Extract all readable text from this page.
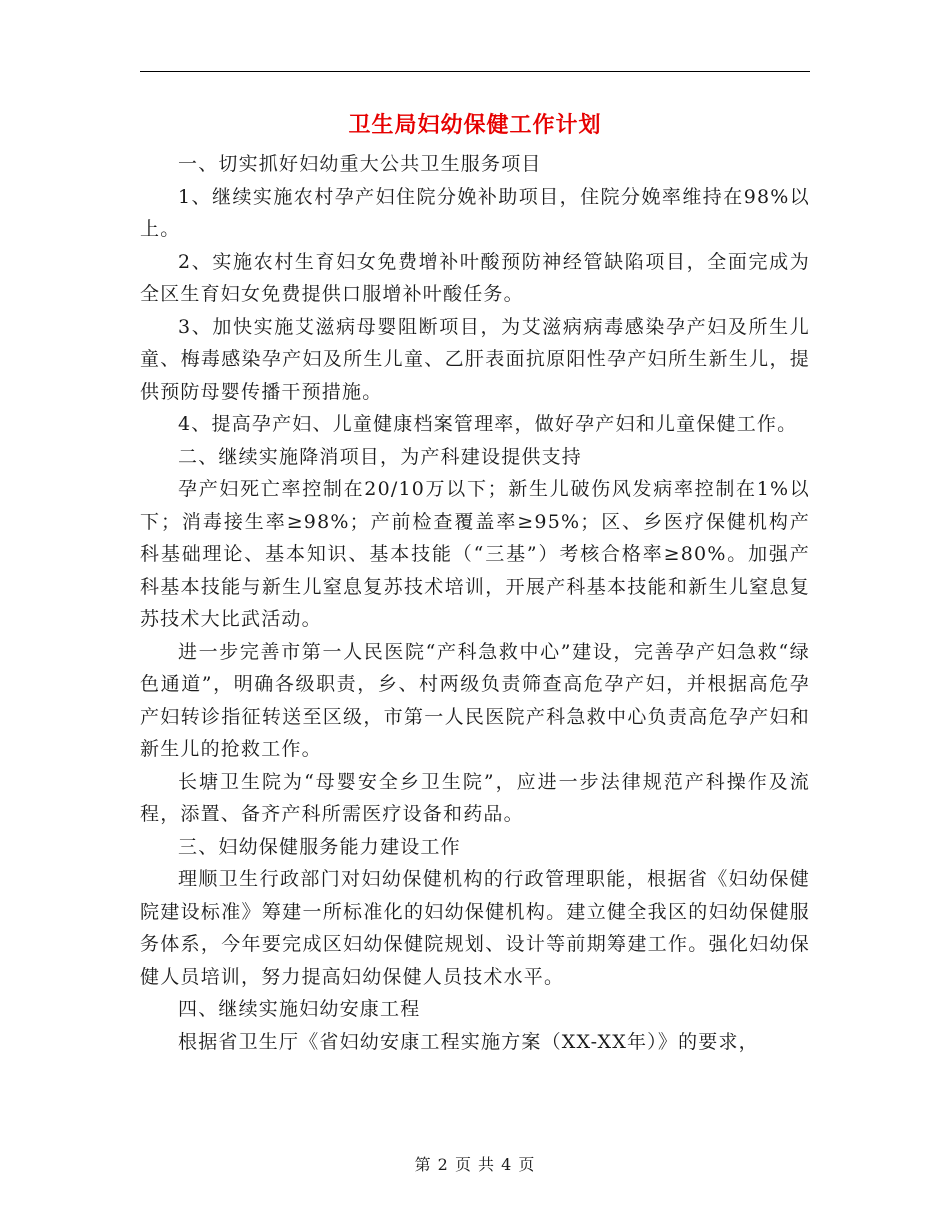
卫生局妇幼保健工作计划

一、切实抓好妇幼重大公共卫生服务项目

1、继续实施农村孕产妇住院分娩补助项目，住院分娩率维持在98%以上。

2、实施农村生育妇女免费增补叶酸预防神经管缺陷项目，全面完成为全区生育妇女免费提供口服增补叶酸任务。

3、加快实施艾滋病母婴阻断项目，为艾滋病病毒感染孕产妇及所生儿童、梅毒感染孕产妇及所生儿童、乙肝表面抗原阳性孕产妇所生新生儿，提供预防母婴传播干预措施。

4、提高孕产妇、儿童健康档案管理率，做好孕产妇和儿童保健工作。

二、继续实施降消项目，为产科建设提供支持

孕产妇死亡率控制在20/10万以下；新生儿破伤风发病率控制在1%以下；消毒接生率≥98%；产前检查覆盖率≥95%；区、乡医疗保健机构产科基础理论、基本知识、基本技能（“三基”）考核合格率≥80%。加强产科基本技能与新生儿窒息复苏技术培训，开展产科基本技能和新生儿窒息复苏技术大比武活动。

进一步完善市第一人民医院“产科急救中心”建设，完善孕产妇急救“绿色通道”，明确各级职责，乡、村两级负责筛查高危孕产妇，并根据高危孕产妇转诊指征转送至区级，市第一人民医院产科急救中心负责高危孕产妇和新生儿的抢救工作。

长塘卫生院为“母婴安全乡卫生院”，应进一步法律规范产科操作及流程，添置、备齐产科所需医疗设备和药品。

三、妇幼保健服务能力建设工作

理顺卫生行政部门对妇幼保健机构的行政管理职能，根据省《妇幼保健院建设标准》筹建一所标准化的妇幼保健机构。建立健全我区的妇幼保健服务体系，今年要完成区妇幼保健院规划、设计等前期筹建工作。强化妇幼保健人员培训，努力提高妇幼保健人员技术水平。

四、继续实施妇幼安康工程

根据省卫生厅《省妇幼安康工程实施方案（XX-XX年）》的要求，

第 2 页 共 4 页
